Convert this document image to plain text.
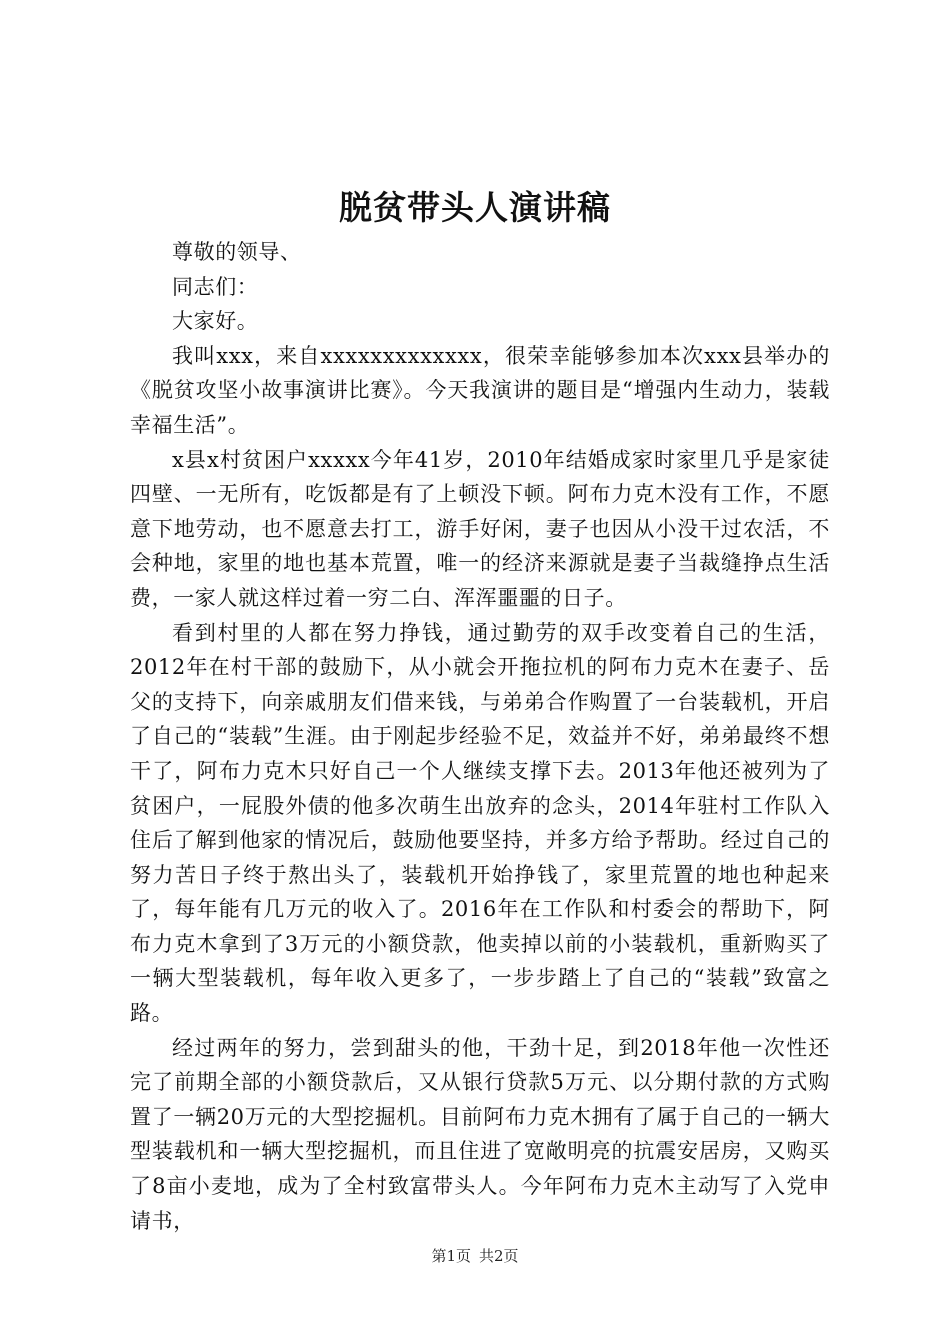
脱贫带头人演讲稿

尊敬的领导、

同志们：

大家好。

我叫xxx，来自xxxxxxxxxxxxx，很荣幸能够参加本次xxx县举办的《脱贫攻坚小故事演讲比赛》。今天我演讲的题目是“增强内生动力，装载幸福生活”。

x县x村贫困户xxxxx今年41岁，2010年结婚成家时家里几乎是家徒四壁、一无所有，吃饭都是有了上顿没下顿。阿布力克木没有工作，不愿意下地劳动，也不愿意去打工，游手好闲，妻子也因从小没干过农活，不会种地，家里的地也基本荒置，唯一的经济来源就是妻子当裁缝挣点生活费，一家人就这样过着一穷二白、浑浑噩噩的日子。

看到村里的人都在努力挣钱，通过勤劳的双手改变着自己的生活，2012年在村干部的鼓励下，从小就会开拖拉机的阿布力克木在妻子、岳父的支持下，向亲戚朋友们借来钱，与弟弟合作购置了一台装载机，开启了自己的“装载”生涯。由于刚起步经验不足，效益并不好，弟弟最终不想干了，阿布力克木只好自己一个人继续支撑下去。2013年他还被列为了贫困户，一屁股外债的他多次萌生出放弃的念头，2014年驻村工作队入住后了解到他家的情况后，鼓励他要坚持，并多方给予帮助。经过自己的努力苦日子终于熬出头了，装载机开始挣钱了，家里荒置的地也种起来了，每年能有几万元的收入了。2016年在工作队和村委会的帮助下，阿布力克木拿到了3万元的小额贷款，他卖掉以前的小装载机，重新购买了一辆大型装载机，每年收入更多了，一步步踏上了自己的“装载”致富之路。

经过两年的努力，尝到甜头的他，干劲十足，到2018年他一次性还完了前期全部的小额贷款后，又从银行贷款5万元、以分期付款的方式购置了一辆20万元的大型挖掘机。目前阿布力克木拥有了属于自己的一辆大型装载机和一辆大型挖掘机，而且住进了宽敞明亮的抗震安居房，又购买了8亩小麦地，成为了全村致富带头人。今年阿布力克木主动写了入党申请书，

第1页 共2页
